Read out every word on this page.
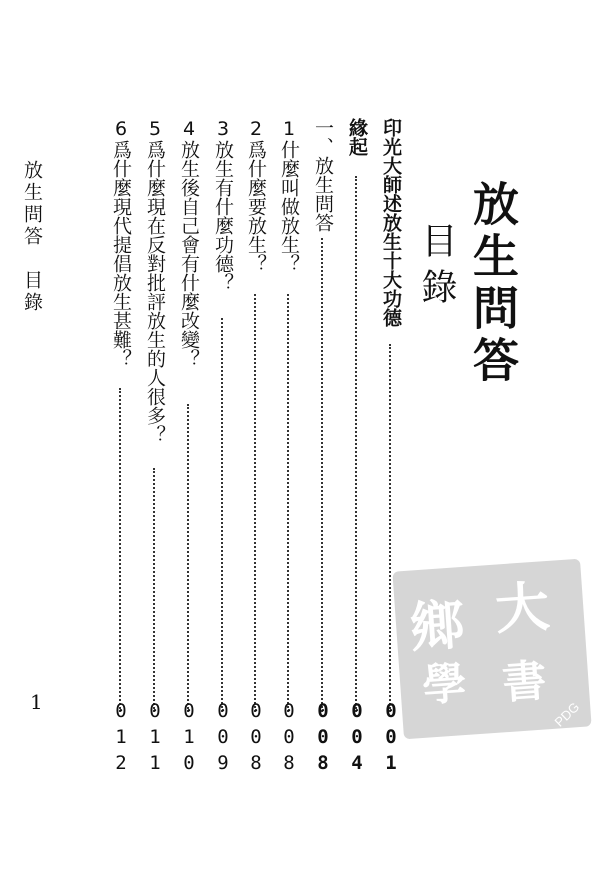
放生問答
目錄
印光大師述放生十大功德
001
緣起
004
一、放生問答
008
1什麼叫做放生？
008
2爲什麼要放生？
008
3放生有什麼功德？
009
4放生後自己會有什麼改變？
010
5爲什麼現在反對批評放生的人很多？
011
6爲什麼現代提倡放生甚難？
012
放生問答　目錄
1
鄉 大
學 書
PDG
